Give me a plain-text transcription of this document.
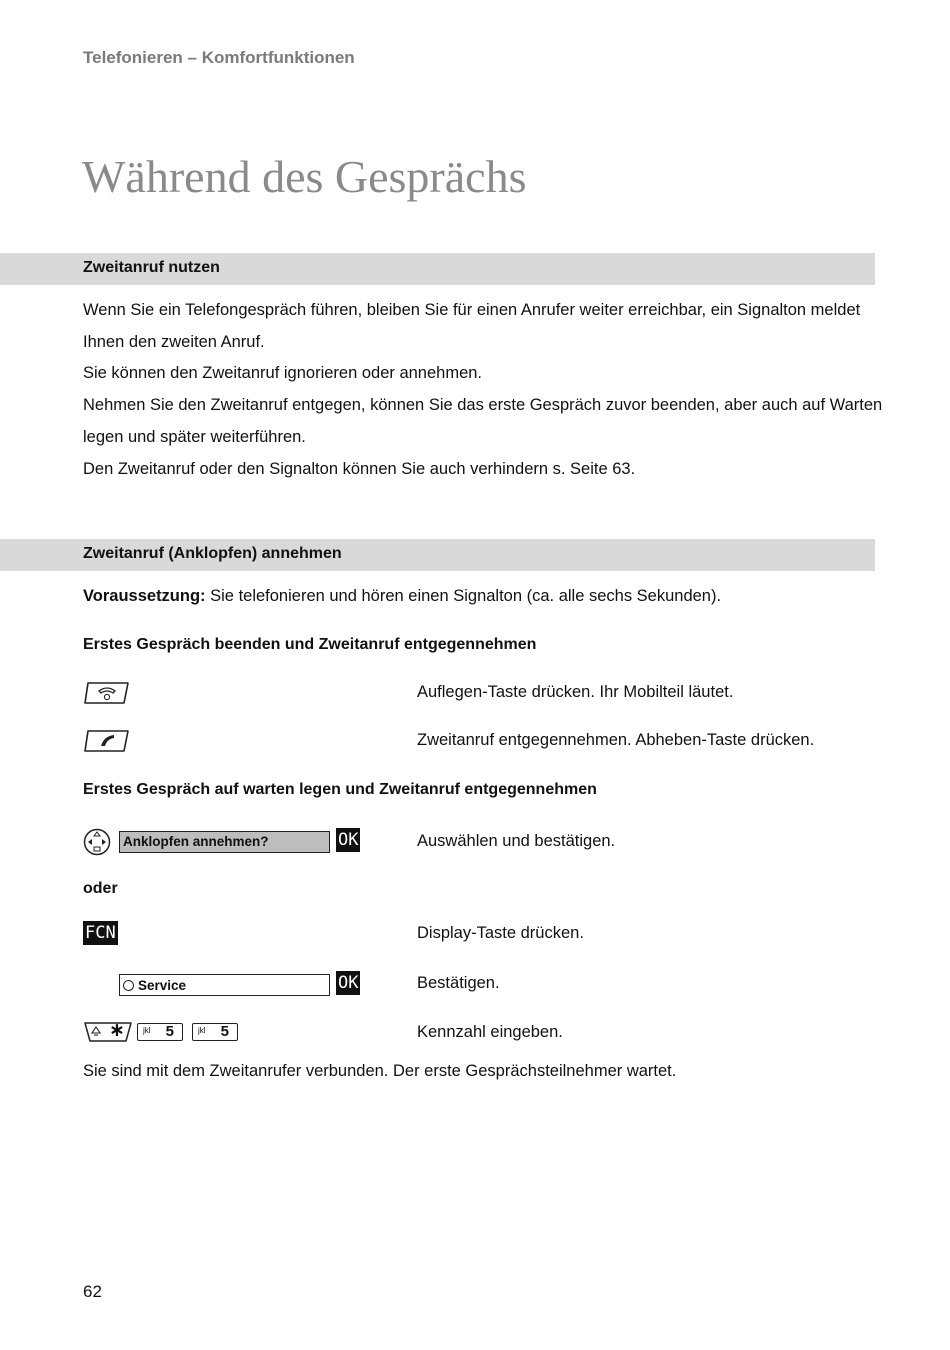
Telefonieren – Komfortfunktionen
Während des Gesprächs
Zweitanruf nutzen

Wenn Sie ein Telefongespräch führen, bleiben Sie für einen Anrufer weiter erreichbar, ein Signalton meldet Ihnen den zweiten Anruf.

Sie können den Zweitanruf ignorieren oder annehmen.

Nehmen Sie den Zweitanruf entgegen, können Sie das erste Gespräch zuvor beenden, aber auch auf Warten legen und später weiterführen.

Den Zweitanruf oder den Signalton können Sie auch verhindern s. Seite 63.

Zweitanruf (Anklopfen) annehmen
Voraussetzung: Sie telefonieren und hören einen Signalton (ca. alle sechs Sekunden).
Erstes Gespräch beenden und Zweitanruf entgegennehmen
Auflegen-Taste drücken. Ihr Mobilteil läutet.
Zweitanruf entgegennehmen. Abheben-Taste drücken.
Erstes Gespräch auf warten legen und Zweitanruf entgegennehmen
Anklopfen annehmen?	OK	Auswählen und bestätigen.
oder
FCN	Display-Taste drücken.
Service	OK	Bestätigen.
∗ jkl 5	jkl 5	Kennzahl eingeben.
Sie sind mit dem Zweitanrufer verbunden. Der erste Gesprächsteilnehmer wartet.
62
